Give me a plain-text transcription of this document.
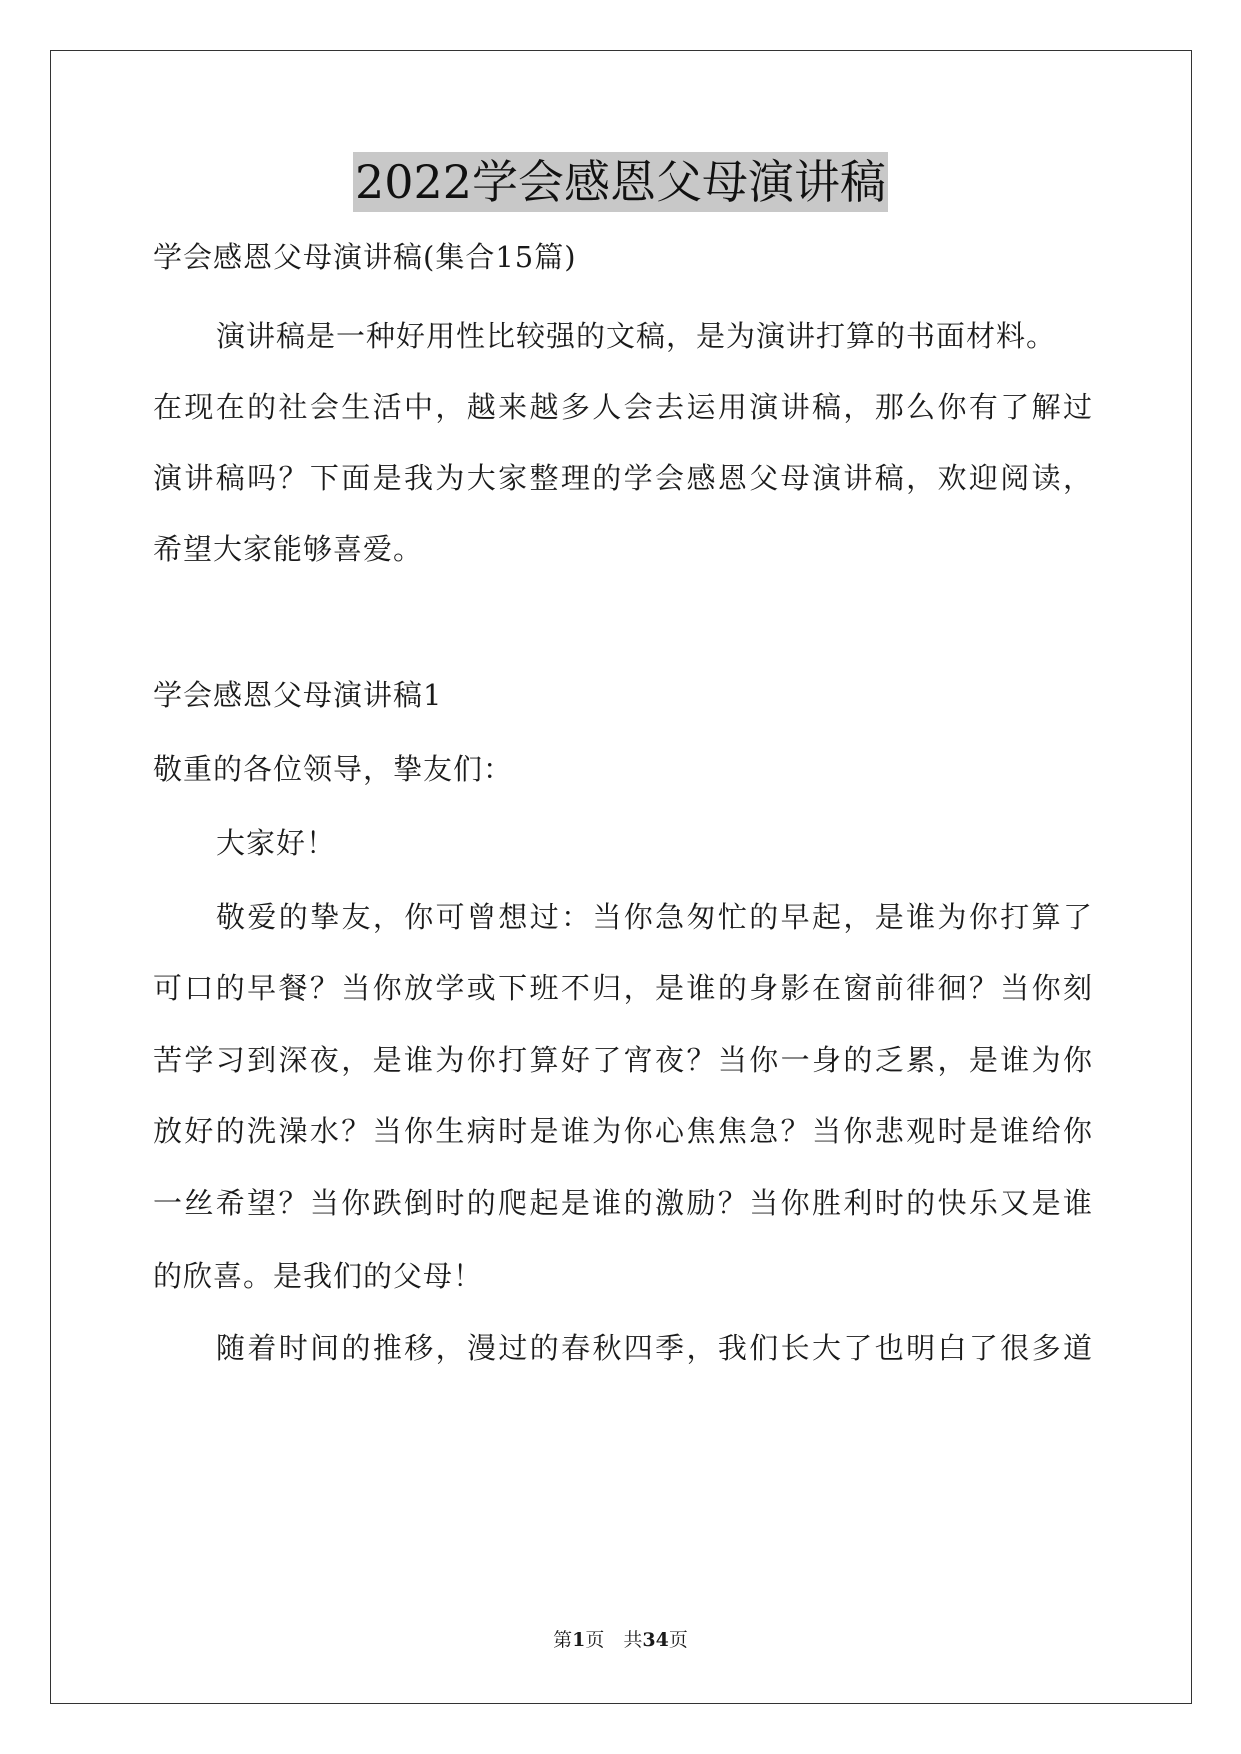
2022学会感恩父母演讲稿
学会感恩父母演讲稿(集合15篇)
演讲稿是一种好用性比较强的文稿，是为演讲打算的书面材料。
在现在的社会生活中，越来越多人会去运用演讲稿，那么你有了解过
演讲稿吗？下面是我为大家整理的学会感恩父母演讲稿，欢迎阅读，
希望大家能够喜爱。
学会感恩父母演讲稿1
敬重的各位领导，挚友们：
大家好！
敬爱的挚友，你可曾想过：当你急匆忙的早起，是谁为你打算了
可口的早餐？当你放学或下班不归，是谁的身影在窗前徘徊？当你刻
苦学习到深夜，是谁为你打算好了宵夜？当你一身的乏累，是谁为你
放好的洗澡水？当你生病时是谁为你心焦焦急？当你悲观时是谁给你
一丝希望？当你跌倒时的爬起是谁的激励？当你胜利时的快乐又是谁
的欣喜。是我们的父母！
随着时间的推移，漫过的春秋四季，我们长大了也明白了很多道
第1页　共34页
